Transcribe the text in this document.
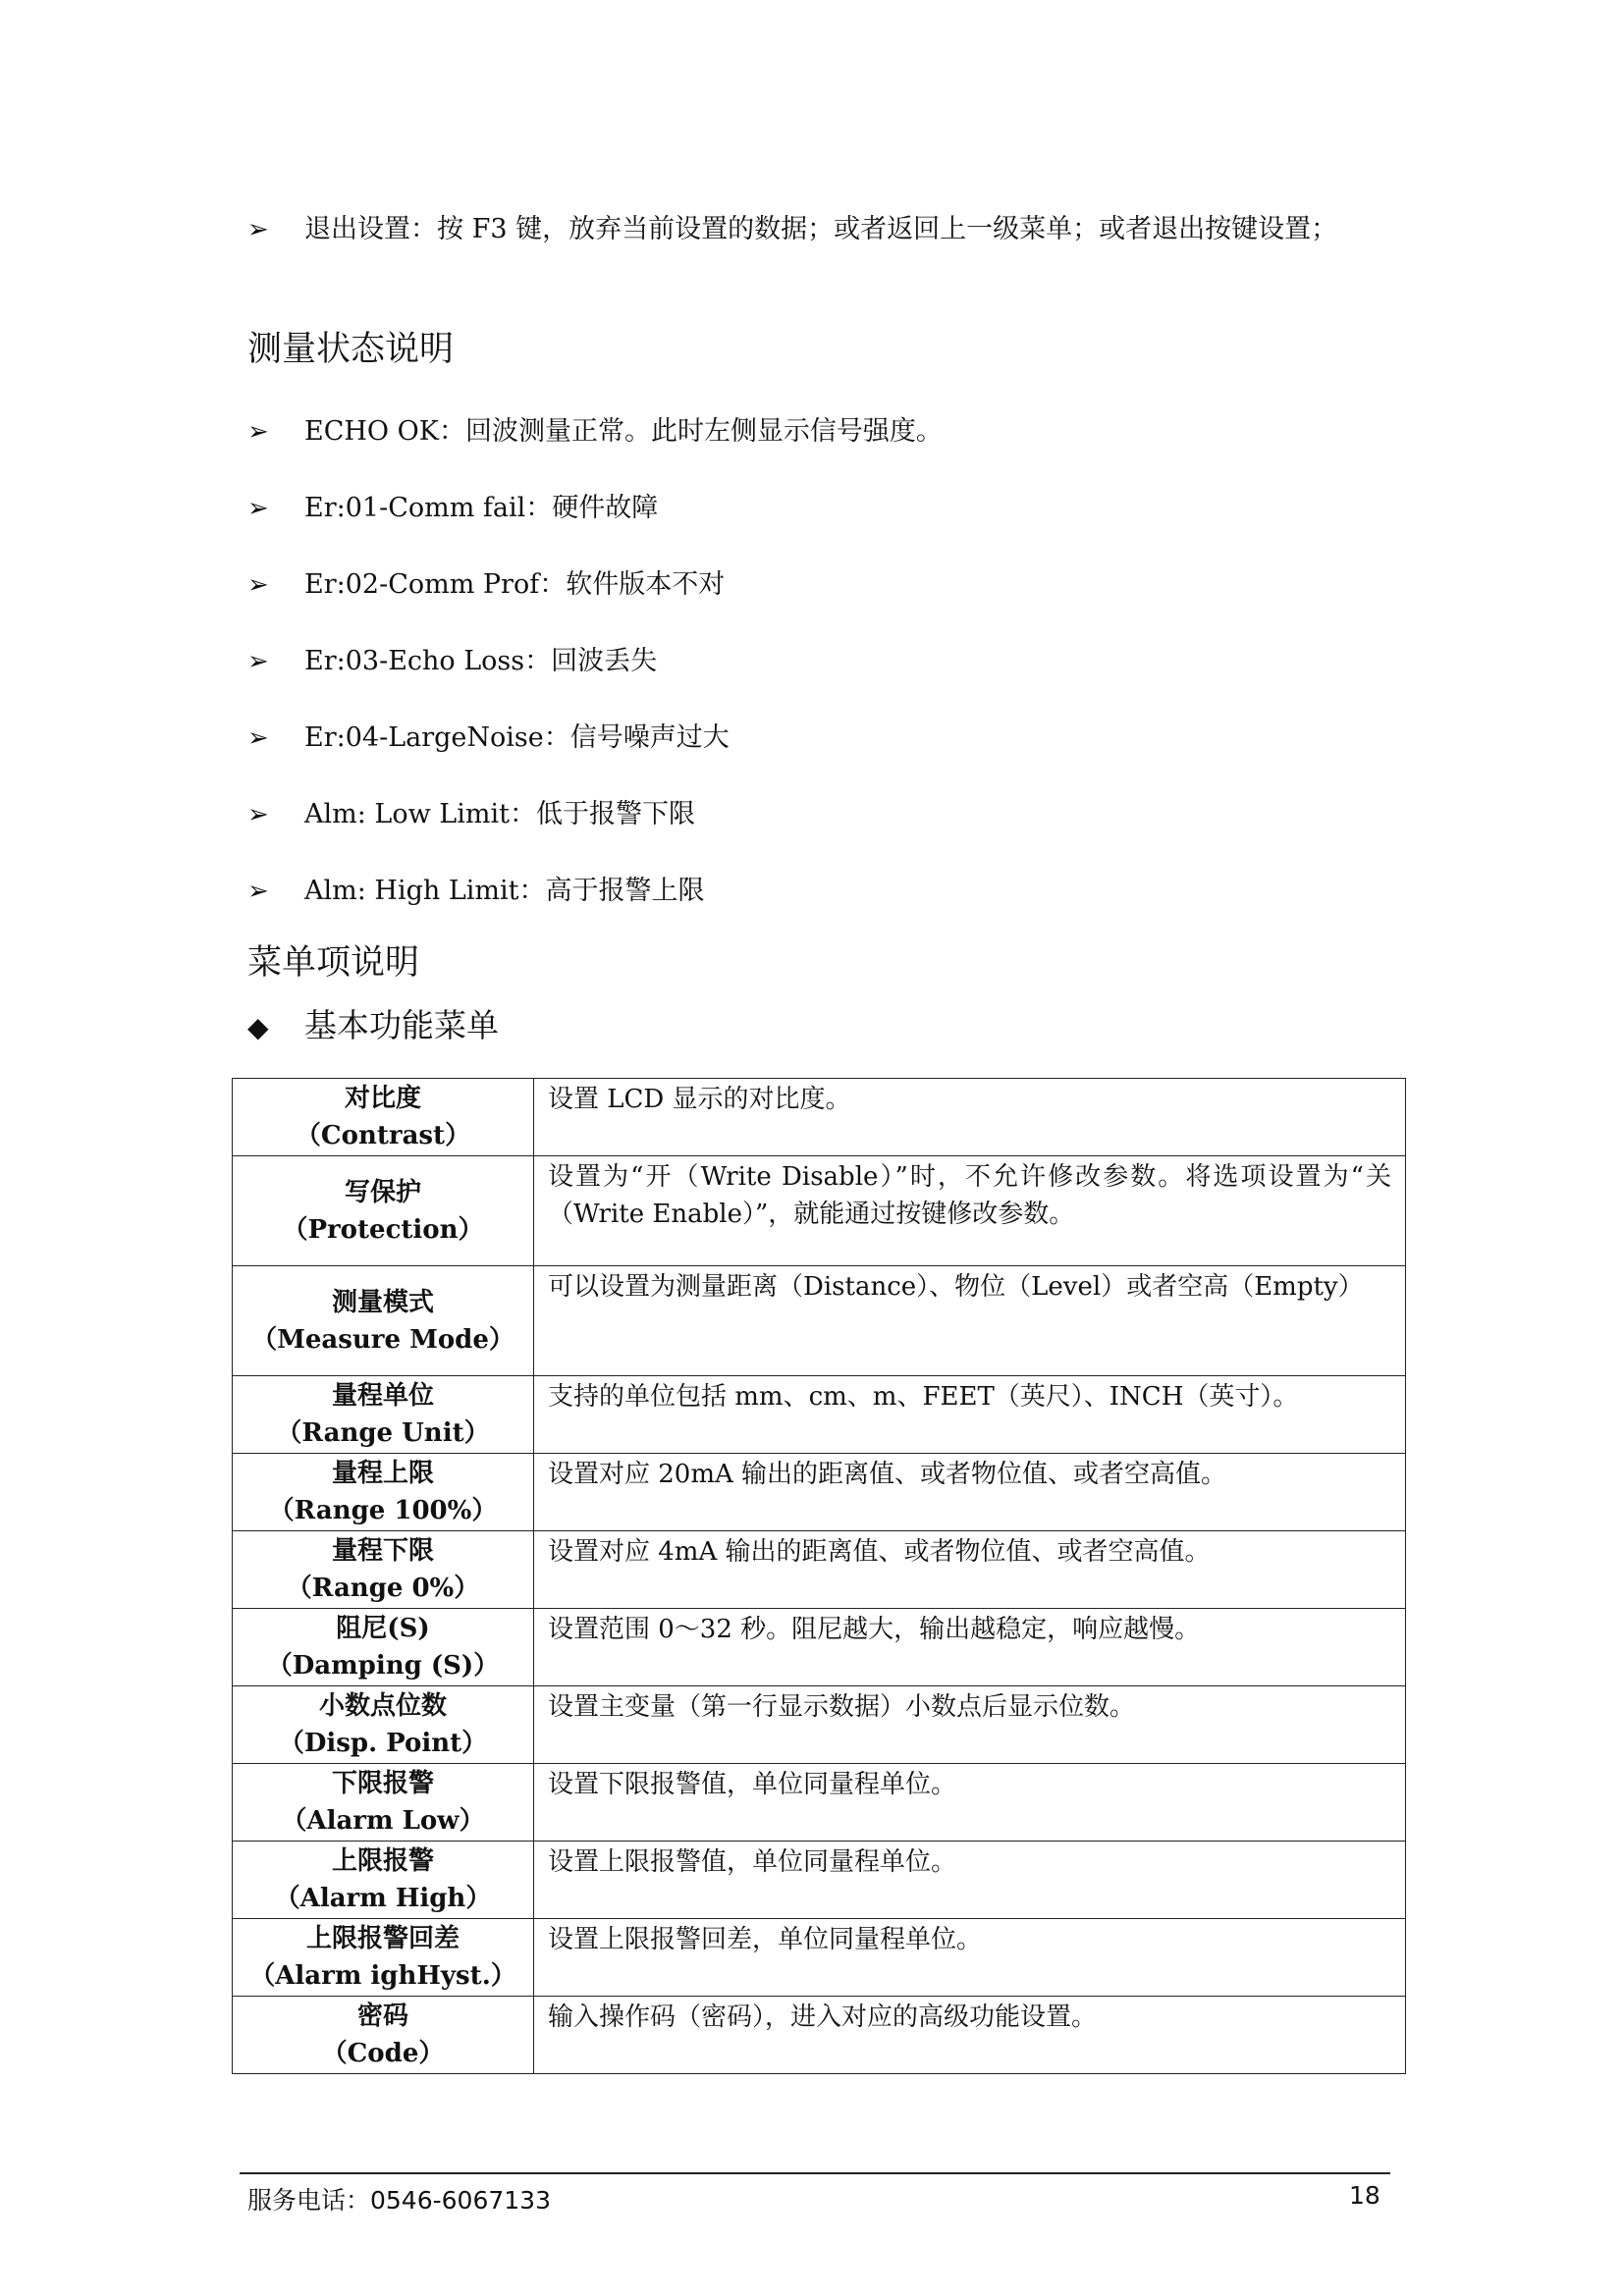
➢	退出设置：按 F3 键，放弃当前设置的数据；或者返回上一级菜单；或者退出按键设置；
测量状态说明
➢	ECHO OK：回波测量正常。此时左侧显示信号强度。
➢	Er:01-Comm fail：硬件故障
➢	Er:02-Comm Prof：软件版本不对
➢	Er:03-Echo Loss：回波丢失
➢	Er:04-LargeNoise：信号噪声过大
➢	Alm: Low Limit：低于报警下限
➢	Alm: High Limit：高于报警上限
菜单项说明
◆ 基本功能菜单
对比度
（Contrast）	设置 LCD 显示的对比度。

写保护
（Protection）	设置为“开（Write Disable）”时，不允许修改参数。将选项设置为“关（Write Enable）”，就能通过按键修改参数。

测量模式
（Measure Mode）	可以设置为测量距离（Distance）、物位（Level）或者空高（Empty）

量程单位
（Range Unit）	支持的单位包括 mm、cm、m、FEET（英尺）、INCH（英寸）。

量程上限
（Range 100%）	设置对应 20mA 输出的距离值、或者物位值、或者空高值。

量程下限
（Range 0%）	设置对应 4mA 输出的距离值、或者物位值、或者空高值。

阻尼(S)
（Damping (S)）	设置范围 0～32 秒。阻尼越大，输出越稳定，响应越慢。

小数点位数
（Disp. Point）	设置主变量（第一行显示数据）小数点后显示位数。

下限报警
（Alarm Low）	设置下限报警值，单位同量程单位。

上限报警
（Alarm High）	设置上限报警值，单位同量程单位。

上限报警回差
（Alarm ighHyst.）	设置上限报警回差，单位同量程单位。

密码
（Code）	输入操作码（密码），进入对应的高级功能设置。
服务电话：0546-6067133	18
